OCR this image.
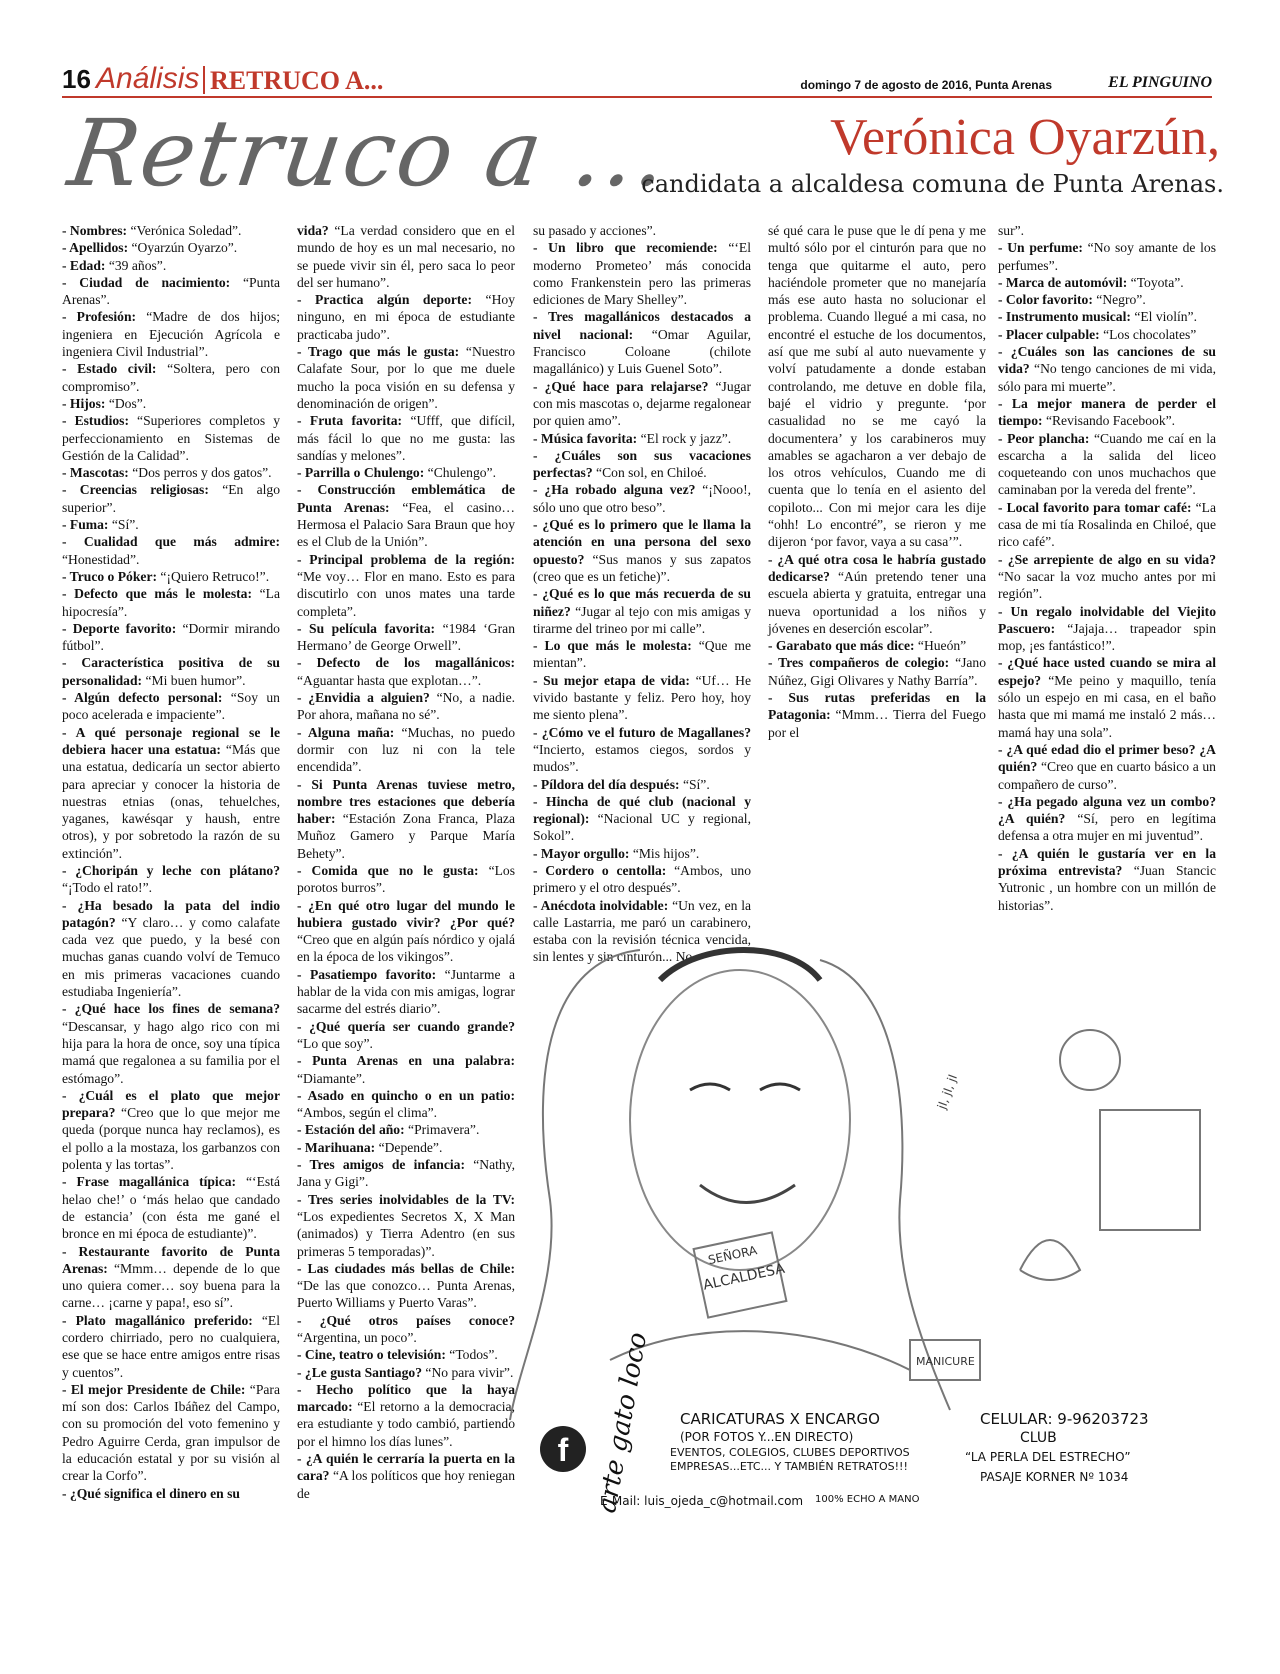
16 Análisis RETRUCO A...	domingo 7 de agosto de 2016, Punta Arenas	EL PINGUINO
Retruco a ...	Verónica Oyarzún,
candidata a alcaldesa comuna de Punta Arenas.

- Nombres: “Verónica Soledad”.

- Apellidos: “Oyarzún Oyarzo”.

- Edad: “39 años”.

- Ciudad de nacimiento: “Punta Arenas”.

- Profesión: “Madre de dos hijos; ingeniera en Ejecución Agrícola e ingeniera Civil Industrial”.

- Estado civil: “Soltera, pero con compromiso”.

- Hijos: “Dos”.

- Estudios: “Superiores completos y perfeccionamiento en Sistemas de Gestión de la Calidad”.

- Mascotas: “Dos perros y dos gatos”.

- Creencias religiosas: “En algo superior”.

- Fuma: “Sí”.

- Cualidad que más admire: “Honestidad”.

- Truco o Póker: “¡Quiero Retruco!”.

- Defecto que más le molesta: “La hipocresía”.

- Deporte favorito: “Dormir mirando fútbol”.

- Característica positiva de su personalidad: “Mi buen humor”.

- Algún defecto personal: “Soy un poco acelerada e impaciente”.

- A qué personaje regional se le debiera hacer una estatua: “Más que una estatua, dedicaría un sector abierto para apreciar y conocer la historia de nuestras etnias (onas, tehuelches, yaganes, kawésqar y haush, entre otros), y por sobretodo la razón de su extinción”.

- ¿Choripán y leche con plátano? “¡Todo el rato!”.

- ¿Ha besado la pata del indio patagón? “Y claro… y como calafate cada vez que puedo, y la besé con muchas ganas cuando volví de Temuco en mis primeras vacaciones cuando estudiaba Ingeniería”.

- ¿Qué hace los fines de semana? “Descansar, y hago algo rico con mi hija para la hora de once, soy una típica mamá que regalonea a su familia por el estómago”.

- ¿Cuál es el plato que mejor prepara? “Creo que lo que mejor me queda (porque nunca hay reclamos), es el pollo a la mostaza, los garbanzos con polenta y las tortas”.

- Frase magallánica típica: “‘Está helao che!’ o ‘más helao que candado de estancia’ (con ésta me gané el bronce en mi época de estudiante)”.

- Restaurante favorito de Punta Arenas: “Mmm… depende de lo que uno quiera comer… soy buena para la carne… ¡carne y papa!, eso sí”.

- Plato magallánico preferido: “El cordero chirriado, pero no cualquiera, ese que se hace entre amigos entre risas y cuentos”.

- El mejor Presidente de Chile: “Para mí son dos: Carlos Ibáñez del Campo, con su promoción del voto femenino y Pedro Aguirre Cerda, gran impulsor de la educación estatal y por su visión al crear la Corfo”.

- ¿Qué significa el dinero en su

vida? “La verdad considero que en el mundo de hoy es un mal necesario, no se puede vivir sin él, pero saca lo peor del ser humano”.

- Practica algún deporte: “Hoy ninguno, en mi época de estudiante practicaba judo”.

- Trago que más le gusta: “Nuestro Calafate Sour, por lo que me duele mucho la poca visión en su defensa y denominación de origen”.

- Fruta favorita: “Ufff, que difícil, más fácil lo que no me gusta: las sandías y melones”.

- Parrilla o Chulengo: “Chulengo”.

- Construcción emblemática de Punta Arenas: “Fea, el casino… Hermosa el Palacio Sara Braun que hoy es el Club de la Unión”.

- Principal problema de la región: “Me voy… Flor en mano. Esto es para discutirlo con unos mates una tarde completa”.

- Su película favorita: “1984 ‘Gran Hermano’ de George Orwell”.

- Defecto de los magallánicos: “Aguantar hasta que explotan…”.

- ¿Envidia a alguien? “No, a nadie. Por ahora, mañana no sé”.

- Alguna maña: “Muchas, no puedo dormir con luz ni con la tele encendida”.

- Si Punta Arenas tuviese metro, nombre tres estaciones que debería haber: “Estación Zona Franca, Plaza Muñoz Gamero y Parque María Behety”.

- Comida que no le gusta: “Los porotos burros”.

- ¿En qué otro lugar del mundo le hubiera gustado vivir? ¿Por qué? “Creo que en algún país nórdico y ojalá en la época de los vikingos”.

- Pasatiempo favorito: “Juntarme a hablar de la vida con mis amigas, lograr sacarme del estrés diario”.

- ¿Qué quería ser cuando grande? “Lo que soy”.

- Punta Arenas en una palabra: “Diamante”.

- Asado en quincho o en un patio: “Ambos, según el clima”.

- Estación del año: “Primavera”.

- Marihuana: “Depende”.

- Tres amigos de infancia: “Nathy, Jana y Gigi”.

- Tres series inolvidables de la TV: “Los expedientes Secretos X, X Man (animados) y Tierra Adentro (en sus primeras 5 temporadas)”.

- Las ciudades más bellas de Chile: “De las que conozco… Punta Arenas, Puerto Williams y Puerto Varas”.

- ¿Qué otros países conoce? “Argentina, un poco”.

- Cine, teatro o televisión: “Todos”.

- ¿Le gusta Santiago? “No para vivir”.

- Hecho político que la haya marcado: “El retorno a la democracia, era estudiante y todo cambió, partiendo por el himno los días lunes”.

- ¿A quién le cerraría la puerta en la cara? “A los políticos que hoy reniegan de

su pasado y acciones”.

- Un libro que recomiende: “‘El moderno Prometeo’ más conocida como Frankenstein pero las primeras ediciones de Mary Shelley”.

- Tres magallánicos destacados a nivel nacional: “Omar Aguilar, Francisco Coloane (chilote magallánico) y Luis Guenel Soto”.

- ¿Qué hace para relajarse? “Jugar con mis mascotas o, dejarme regalonear por quien amo”.

- Música favorita: “El rock y jazz”.

- ¿Cuáles son sus vacaciones perfectas? “Con sol, en Chiloé.

- ¿Ha robado alguna vez? “¡Nooo!, sólo uno que otro beso”.

- ¿Qué es lo primero que le llama la atención en una persona del sexo opuesto? “Sus manos y sus zapatos (creo que es un fetiche)”.

- ¿Qué es lo que más recuerda de su niñez? “Jugar al tejo con mis amigas y tirarme del trineo por mi calle”.

- Lo que más le molesta: “Que me mientan”.

- Su mejor etapa de vida: “Uf… He vivido bastante y feliz. Pero hoy, hoy me siento plena”.

- ¿Cómo ve el futuro de Magallanes? “Incierto, estamos ciegos, sordos y mudos”.

- Píldora del día después: “Sí”.

- Hincha de qué club (nacional y regional): “Nacional UC y regional, Sokol”.

- Mayor orgullo: “Mis hijos”.

- Cordero o centolla: “Ambos, uno primero y el otro después”.

- Anécdota inolvidable: “Un vez, en la calle Lastarria, me paró un carabinero, estaba con la revisión técnica vencida, sin lentes y sin cinturón... No

sé qué cara le puse que le dí pena y me multó sólo por el cinturón para que no tenga que quitarme el auto, pero haciéndole prometer que no manejaría más ese auto hasta no solucionar el problema. Cuando llegué a mi casa, no encontré el estuche de los documentos, así que me subí al auto nuevamente y volví patudamente a donde estaban controlando, me detuve en doble fila, bajé el vidrio y pregunte. ‘por casualidad no se me cayó la documentera’ y los carabineros muy amables se agacharon a ver debajo de los otros vehículos, Cuando me di cuenta que lo tenía en el asiento del copiloto... Con mi mejor cara les dije “ohh! Lo encontré”, se rieron y me dijeron ‘por favor, vaya a su casa’”.

- ¿A qué otra cosa le habría gustado dedicarse? “Aún pretendo tener una escuela abierta y gratuita, entregar una nueva oportunidad a los niños y jóvenes en deserción escolar”.

- Garabato que más dice: “Hueón”

- Tres compañeros de colegio: “Jano Núñez, Gigi Olivares y Nathy Barría”.

- Sus rutas preferidas en la Patagonia: “Mmm… Tierra del Fuego por el

sur”.

- Un perfume: “No soy amante de los perfumes”.

- Marca de automóvil: “Toyota”.

- Color favorito: “Negro”.

- Instrumento musical: “El violín”.

- Placer culpable: “Los chocolates”

- ¿Cuáles son las canciones de su vida? “No tengo canciones de mi vida, sólo para mi muerte”.

- La mejor manera de perder el tiempo: “Revisando Facebook”.

- Peor plancha: “Cuando me caí en la escarcha a la salida del liceo coqueteando con unos muchachos que caminaban por la vereda del frente”.

- Local favorito para tomar café: “La casa de mi tía Rosalinda en Chiloé, que rico café”.

- ¿Se arrepiente de algo en su vida? “No sacar la voz mucho antes por mi región”.

- Un regalo inolvidable del Viejito Pascuero: “Jajaja… trapeador spin mop, ¡es fantástico!”.

- ¿Qué hace usted cuando se mira al espejo? “Me peino y maquillo, tenía sólo un espejo en mi casa, en el baño hasta que mi mamá me instaló 2 más… mamá hay una sola”.

- ¿A qué edad dio el primer beso? ¿A quién? “Creo que en cuarto básico a un compañero de curso”.

- ¿Ha pegado alguna vez un combo? ¿A quién? “Sí, pero en legítima defensa a otra mujer en mi juventud”.

- ¿A quién le gustaría ver en la próxima entrevista? “Juan Stancic Yutronic , un hombre con un millón de historias”.

SEÑORA
ALCALDESA
MANICURE
jI, jI, jI
f arte gato loco CARICATURAS X ENCARGO
(POR FOTOS Y...EN DIRECTO)
EVENTOS, COLEGIOS, CLUBES DEPORTIVOS
EMPRESAS...ETC... Y TAMBIÉN RETRATOS!!!
100% ECHO A MANO
E-Mail: luis_ojeda_c@hotmail.com
CELULAR: 9-96203723
CLUB
“LA PERLA DEL ESTRECHO”
PASAJE KORNER Nº 1034
